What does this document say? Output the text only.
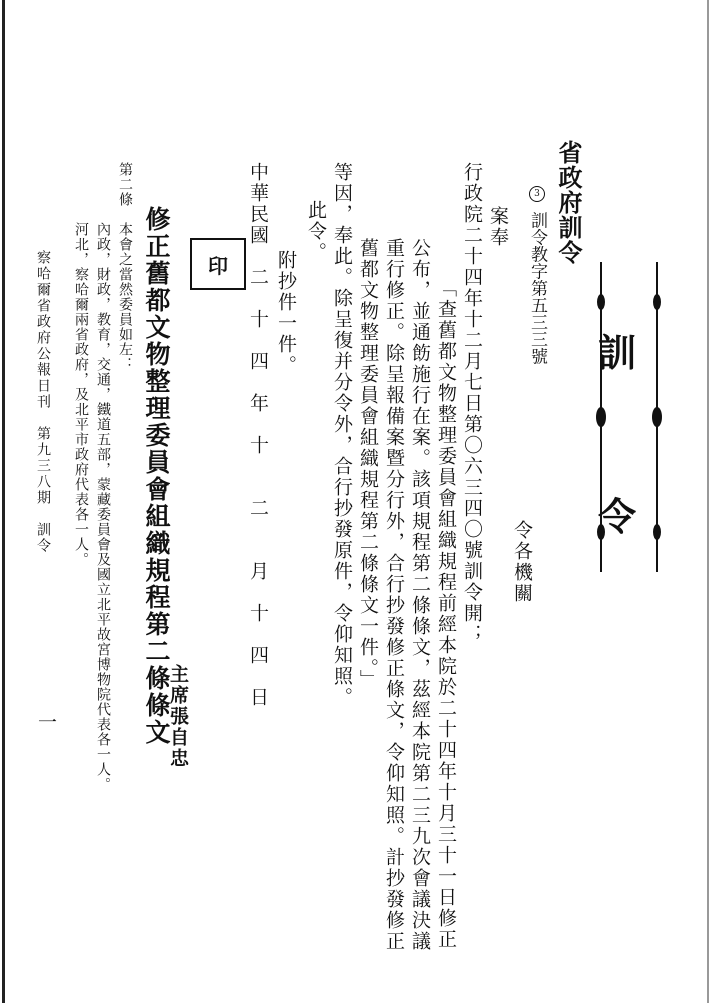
訓
令
省政府訓令
3 訓令教字第五三三號
令各機關
案奉
行政院二十四年十二月七日第〇六三四〇號訓令開；
「查舊都文物整理委員會組織規程前經本院於二十四年十月三十一日修正
公布，並通飭施行在案。該項規程第二條條文，茲經本院第二三九次會議決議
重行修正。除呈報備案暨分行外，合行抄發修正條文，令仰知照。計抄發修正
舊都文物整理委員會組織規程第二條條文一件。」
等因，奉此。除呈復并分令外，合行抄發原件，令仰知照。
此令。
附抄件一件。
中華民國　二　十　四　年　十　　二　　月　十　四　日
印
主席張自忠
修正舊都文物整理委員會組織規程第二條條文
第二條
本會之當然委員如左：
內政，財政，教育，交通，鐵道五部，蒙藏委員會及國立北平故宮博物院代表各一人。
河北，察哈爾兩省政府，及北平市政府代表各一人。
察哈爾省政府公報日刊　第九三八期　訓令
一
